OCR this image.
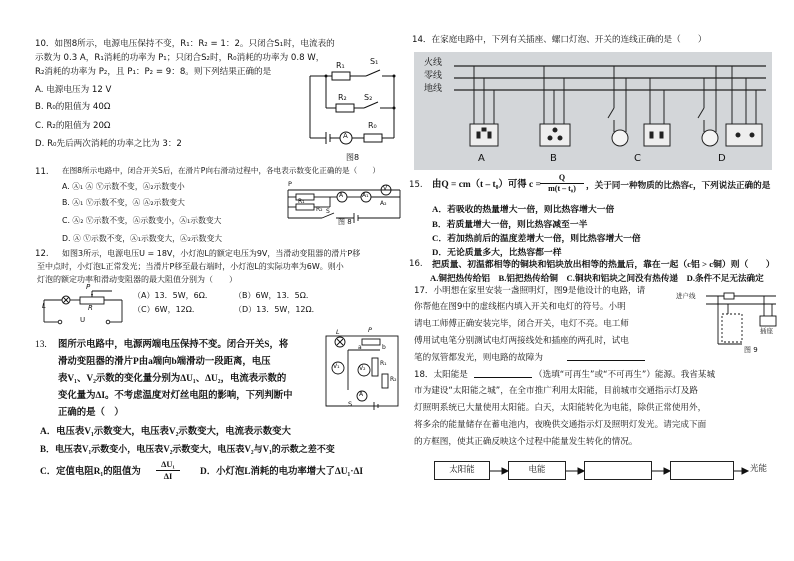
10．如图8所示，电源电压保持不变，R₁：R₂ = 1：2。只闭合S₁时，电流表的
示数为 0.3 A，R₁消耗的功率为 P₁；只闭合S₂时，R₀消耗的功率为 0.8 W，
R₂消耗的功率为 P₂，且 P₁：P₂ = 9：8。则下列结果正确的是
A. 电源电压为 12 V
B. R₀的阻值为 40Ω
C. R₂的阻值为 20Ω
D. R₀先后两次消耗的功率之比为 3：2
R₁	S₁
R₂ S₂
A
R₀
图8
11. 在图8所示电路中，闭合开关S后，在滑片P向右滑动过程中，各电表示数变化正确的是（　　）
A. Ⓐ₁ Ⓐ Ⓥ示数不变，Ⓐ₂示数变小
B. Ⓐ₁ Ⓥ示数不变，Ⓐ Ⓐ₂示数变大
C. Ⓐ₂ Ⓥ示数不变，Ⓐ示数变小，Ⓐ₁示数变大
D. Ⓐ Ⓥ示数不变，Ⓐ₁示数变大，Ⓐ₂示数变大
P
R₁
R₂
A	A₁
V
A₂
S
图 8
12. 如图3所示，电源电压U = 18V，小灯泡L的额定电压为9V，当滑动变阻器的滑片P移
至中点时，小灯泡L正常发光；当滑片P移至最右端时，小灯泡L的实际功率为6W。则小
灯泡的额定功率和滑动变阻器的最大阻值分别为（　　）
（A）13．5W，6Ω．	（B）6W，13．5Ω．
（C）6W，12Ω．	（D）13．5W，12Ω．
L
P
R
U
13. 图所示电路中，电源两端电压保持不变。闭合开关S，将
滑动变阻器的滑片P由a端向b端滑动一段距离，电压
表V₁、V₂示数的变化量分别为ΔU₁、ΔU₂，电流表示数的
变化量为ΔI。不考虑温度对灯丝电阻的影响，下列判断中
正确的是（　）
A．电压表V₁示数变大，电压表V₂示数变大，电流表示数变大
B．电压表V₁示数变小，电压表V₂示数变大，电压表V₂与V₁的示数之差不变
C．定值电阻R₁的阻值为
ΔU₁
ΔI	D．小灯泡L消耗的电功率增大了ΔU₁·ΔI
L	P
a	b
V₁	V₂
R₁
R₂
A
S
14．在家庭电路中，下列有关插座、螺口灯泡、开关的连线正确的是（　　）
火线
零线
地线
A	B	C	D
15. 由Q = cm（t – t₀）可得 c =
Q
m(t – t₀)	，关于同一种物质的比热容c，下列说法正确的是
A．若吸收的热量增大一倍，则比热容增大一倍
B．若质量增大一倍，则比热容减至一半
C．若加热前后的温度差增大一倍，则比热容增大一倍
D．无论质量多大，比热容都一样
16. 把质量、初温都相等的铜块和铝块放出相等的热量后，靠在一起（c铝 > c铜）则（　　）
A.铜把热传给铝　B.铝把热传给铜　C.铜块和铝块之间没有热传递　D.条件不足无法确定
17．小明想在家里安装一盏照明灯，图9是他设计的电路，请
你帮他在图9中的虚线框内填入开关和电灯的符号。小明
请电工师傅正确安装完毕，闭合开关，电灯不亮。电工师
傅用试电笔分别测试电灯两接线处和插座的两孔时，试电
笔的氖管都发光，则电路的故障为
进户线
插座
图 9
18．太阳能是	（选填“可再生”或“不可再生”）能源。我省某城
市为建设“太阳能之城”，在全市推广利用太阳能，目前城市交通指示灯及路
灯照明系统已大量使用太阳能。白天，太阳能转化为电能，除供正常使用外，
将多余的能量储存在蓄电池内，夜晚供交通指示灯及照明灯发光。请完成下面
的方框图，使其正确反映这个过程中能量发生转化的情况。
太阳能	电能	光能
